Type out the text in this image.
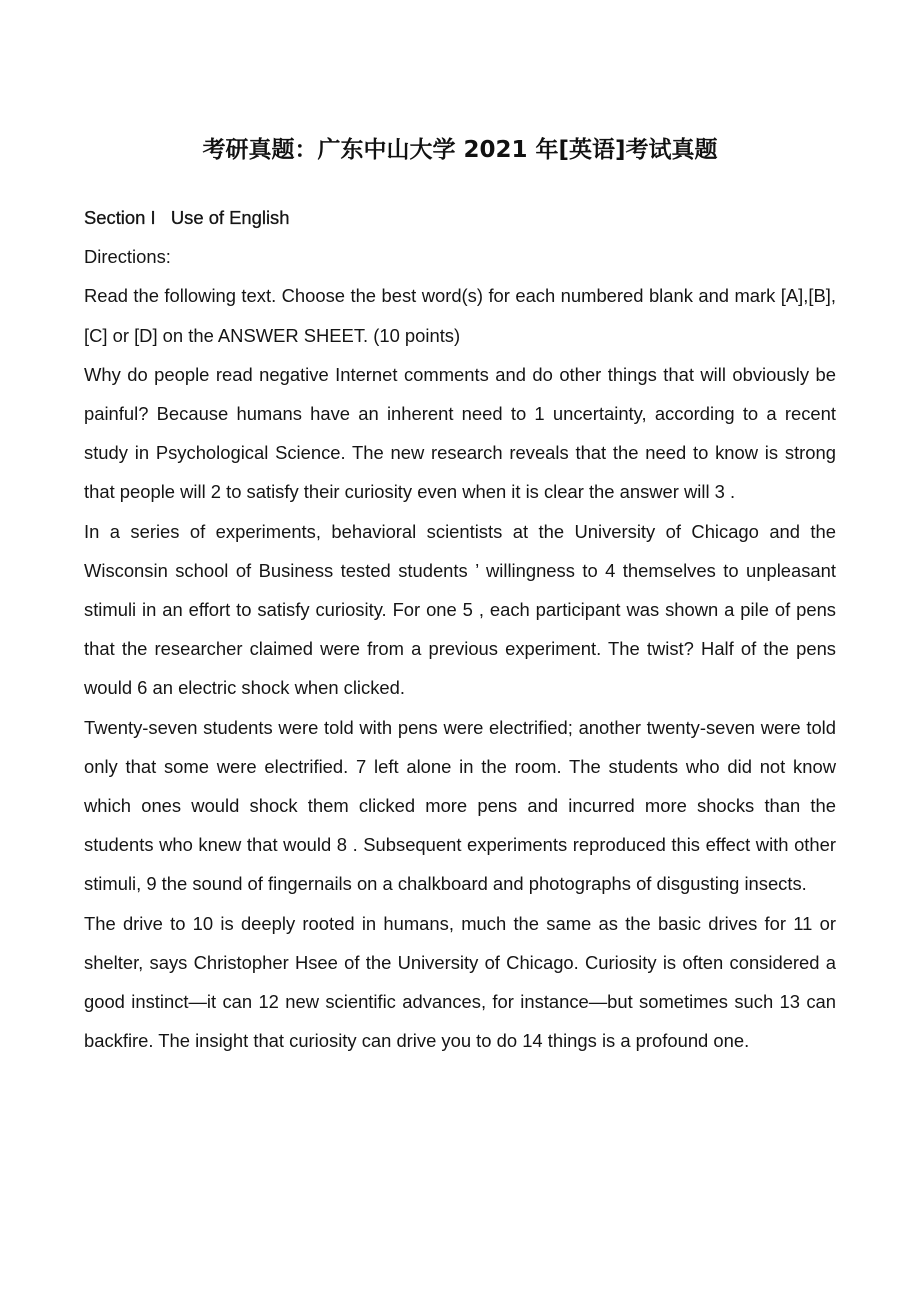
考研真题：广东中山大学 2021 年[英语]考试真题

Section I   Use of English

Directions:

Read the following text. Choose the best word(s) for each numbered blank and mark [A],[B], [C] or [D] on the ANSWER SHEET. (10 points)

Why do people read negative Internet comments and do other things that will obviously be painful? Because humans have an inherent need to 1 uncertainty, according to a recent study in Psychological Science. The new research reveals that the need to know is strong that people will 2 to satisfy their curiosity even when it is clear the answer will 3 .

In a series of experiments, behavioral scientists at the University of Chicago and the Wisconsin school of Business tested students ’ willingness to 4 themselves to unpleasant stimuli in an effort to satisfy curiosity. For one 5 , each participant was shown a pile of pens that the researcher claimed were from a previous experiment. The twist? Half of the pens would 6 an electric shock when clicked.

Twenty-seven students were told with pens were electrified; another twenty-seven were told only that some were electrified. 7 left alone in the room. The students who did not know which ones would shock them clicked more pens and incurred more shocks than the students who knew that would 8 . Subsequent experiments reproduced this effect with other stimuli, 9 the sound of fingernails on a chalkboard and photographs of disgusting insects.

The drive to 10 is deeply rooted in humans, much the same as the basic drives for 11 or shelter, says Christopher Hsee of the University of Chicago. Curiosity is often considered a good instinct—it can 12 new scientific advances, for instance—but sometimes such 13 can backfire. The insight that curiosity can drive you to do 14 things is a profound one.
